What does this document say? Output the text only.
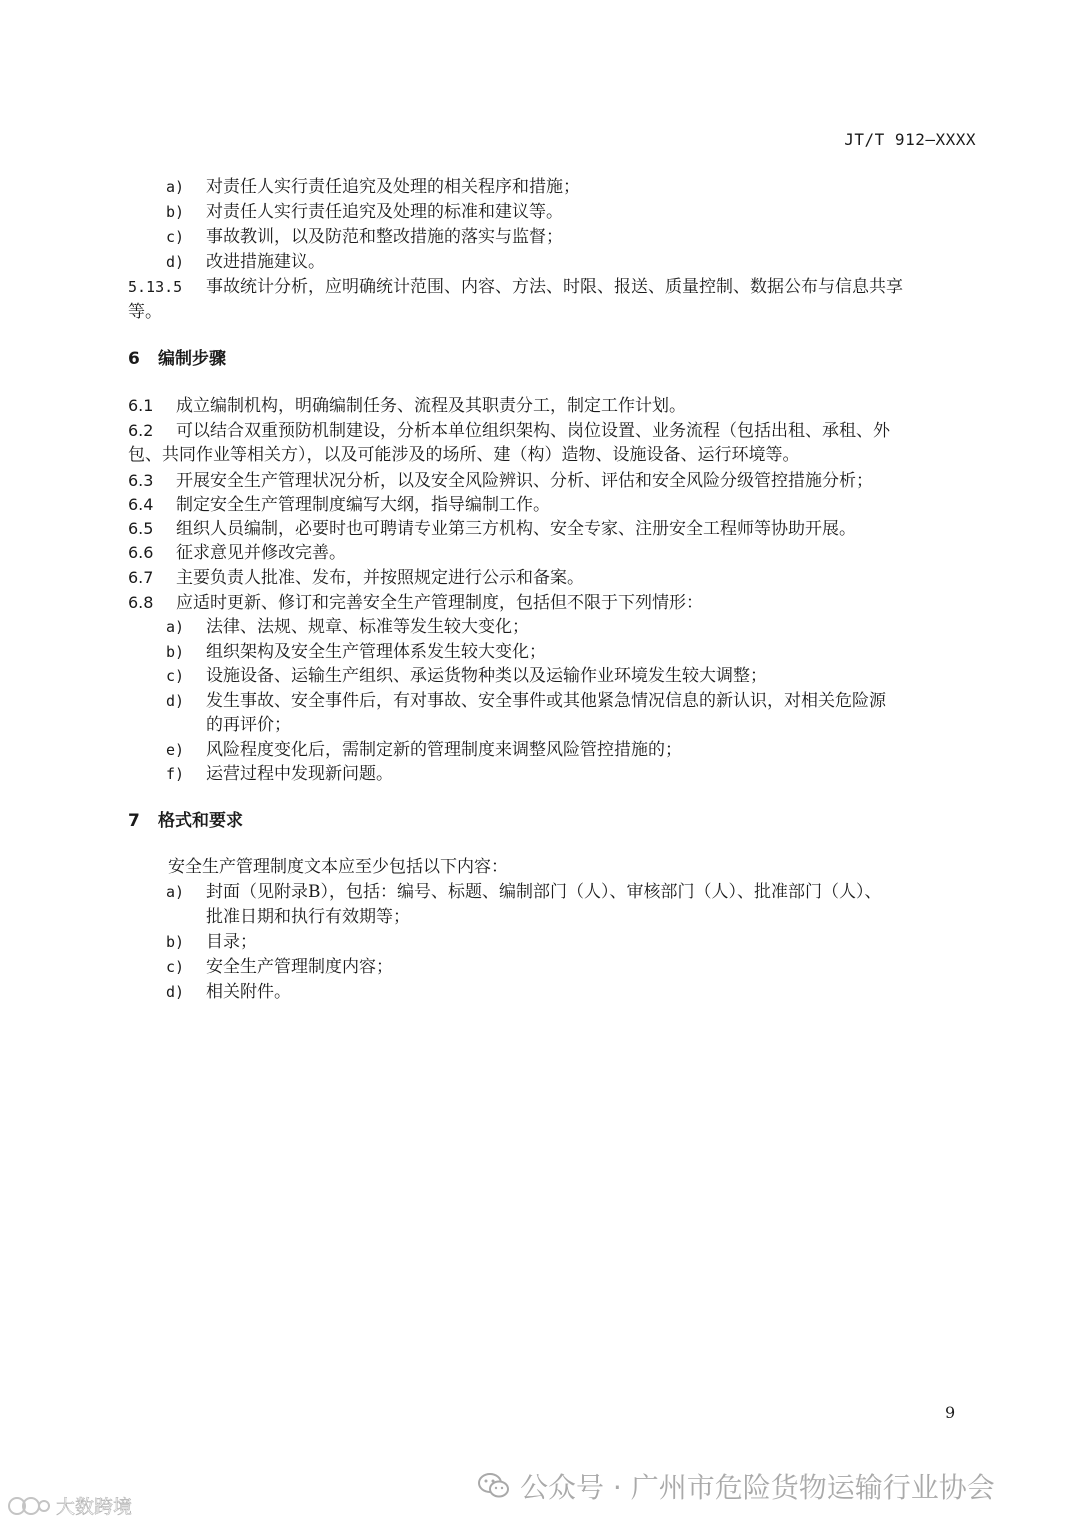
JT/T 912—XXXX
a) 对责任人实行责任追究及处理的相关程序和措施；
b) 对责任人实行责任追究及处理的标准和建议等。
c) 事故教训，以及防范和整改措施的落实与监督；
d) 改进措施建议。
5.13.5 事故统计分析，应明确统计范围、内容、方法、时限、报送、质量控制、数据公布与信息共享
等。
6 编制步骤
6.1 成立编制机构，明确编制任务、流程及其职责分工，制定工作计划。
6.2 可以结合双重预防机制建设，分析本单位组织架构、岗位设置、业务流程（包括出租、承租、外
包、共同作业等相关方），以及可能涉及的场所、建（构）造物、设施设备、运行环境等。
6.3 开展安全生产管理状况分析，以及安全风险辨识、分析、评估和安全风险分级管控措施分析；
6.4 制定安全生产管理制度编写大纲，指导编制工作。
6.5 组织人员编制，必要时也可聘请专业第三方机构、安全专家、注册安全工程师等协助开展。
6.6 征求意见并修改完善。
6.7 主要负责人批准、发布，并按照规定进行公示和备案。
6.8 应适时更新、修订和完善安全生产管理制度，包括但不限于下列情形：
a) 法律、法规、规章、标准等发生较大变化；
b) 组织架构及安全生产管理体系发生较大变化；
c) 设施设备、运输生产组织、承运货物种类以及运输作业环境发生较大调整；
d) 发生事故、安全事件后，有对事故、安全事件或其他紧急情况信息的新认识，对相关危险源
的再评价；
e) 风险程度变化后，需制定新的管理制度来调整风险管控措施的；
f) 运营过程中发现新问题。
7 格式和要求
安全生产管理制度文本应至少包括以下内容：
a) 封面（见附录B），包括：编号、标题、编制部门（人）、审核部门（人）、批准部门（人）、
批准日期和执行有效期等；
b) 目录；
c) 安全生产管理制度内容；
d) 相关附件。
9
公众号 · 广州市危险货物运输行业协会
大数跨境
